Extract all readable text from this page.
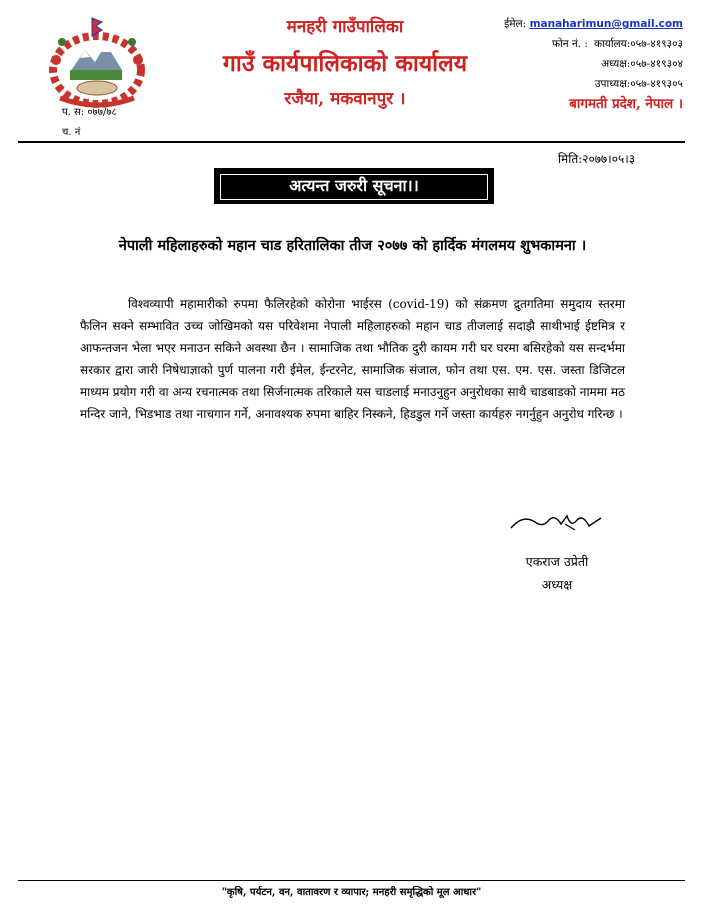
मनहरी गाउँपालिका
गाउँ कार्यपालिकाको कार्यालय
रजैया, मकवानपुर ।
ईमेल: manaharimun@gmail.com
फोन नं. : कार्यालय:०५७-४१९३०३
अध्यक्ष:०५७-४१९३०४
उपाध्यक्ष:०५७-४१९३०५
बागमती प्रदेश, नेपाल ।
प. स: ०७७/७८
च. नं
मिति:२०७७।०५।३
अत्यन्त जरुरी सूचना।।
नेपाली महिलाहरुको महान चाड हरितालिका तीज २०७७ को हार्दिक मंगलमय शुभकामना ।
विश्वव्यापी महामारीको रुपमा फैलिरहेको कोरोना भाईरस (covid-19) को संक्रमण द्रुतगतिमा समुदाय स्तरमा फैलिन सक्ने सम्भावित उच्च जोखिमको यस परिवेशमा नेपाली महिलाहरुको महान चाड तीजलाई सदाझै साथीभाई ईष्टमित्र र आफन्तजन भेला भएर मनाउन सकिने अवस्था छैन । सामाजिक तथा भौतिक दुरी कायम गरी घर घरमा बसिरहेको यस सन्दर्भमा सरकार द्वारा जारी निषेधाज्ञाको पुर्ण पालना गरी ईमेल, ईन्टरनेट, सामाजिक संजाल, फोन तथा एस. एम. एस. जस्ता डिजिटल माध्यम प्रयोग गरी वा अन्य रचनात्मक तथा सिर्जनात्मक तरिकाले यस चाडलाई मनाउनुहुन अनुरोधका साथै चाडबाडको नाममा मठ मन्दिर जाने, भिडभाड तथा नाचगान गर्ने, अनावश्यक रुपमा बाहिर निस्कने, हिडडुल गर्ने जस्ता कार्यहरु नगर्नुहुन अनुरोध गरिन्छ ।
एकराज उप्रेती
अध्यक्ष
"कृषि, पर्यटन, वन, वातावरण र व्यापार; मनहरी समृद्धिको मूल आधार"
